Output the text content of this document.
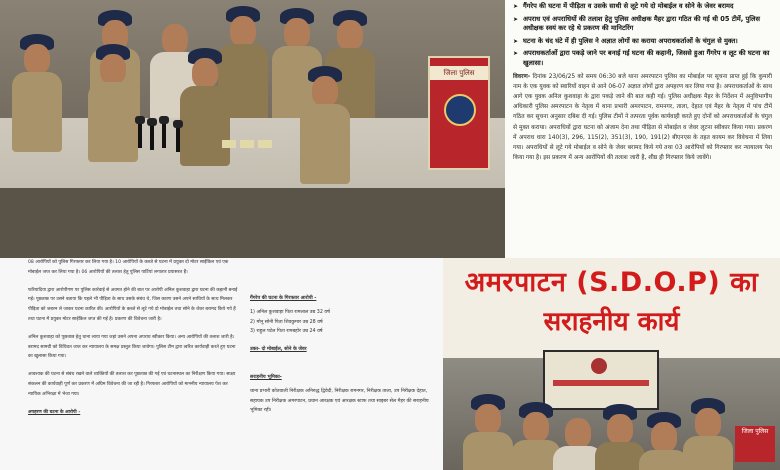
जिला पुलिस
➤ गैंगरेप की घटना में पीड़िता व उसके साथी से लूटे गये दो मोबाईल व सोने के जेवर बरामद
➤ अपराध एवं अपराधियों की तलाश हेतु पुलिस अधीक्षक मैहर द्वारा गठित की गई थी 05 टीमें, पुलिस अधीक्षक स्वयं कर रहे थे प्रकरण की मानिटरिंग
➤ घटना के चंद घंटे में ही पुलिस ने अज्ञात लोगों का कराया अपराधकर्ताओं के चंगुल से मुक्त।
➤ अपराधकर्ताओं द्वारा पकड़े जाने पर बनाई गई घटना की कहानी, जिससे हुआ गैंगरेप व लूट की घटना का खुलासा।
विवरण- दिनांक 23/06/25 को समय 06:30 बजे थाना अमरपाटन पुलिस का मोबाईल पर सूचना प्राप्त हुई कि कुमारी नाम के एक युवक को स्वारियों वाहन से आने 06-07 अज्ञात लोगों द्वारा अपहरण कर लिया गया है। अपराधकर्ताओं के साथ आगे एक युवक अनिल कुशवाहा के द्वारा पकड़े जाने की बात कही गई। पुलिस अधीक्षक मैहर के निर्देशन में अनुविभागीय अधिकारी पुलिस अमरपाटन के नेतृत्व में थाना प्रभारी अमरपाटन, रामनगर, ताला, देहात एवं मैहर के नेतृत्व में पांच टीमें गठित कर सूचना अनुसार दबिश दी गई। पुलिस टीमों ने तत्परता पूर्वक कार्यवाही करते हुए दोनों को अपराधकर्ताओं के चंगुल से मुक्त कराया। अपराधियों द्वारा घटना को अंजाम देना तथा पीड़िता से मोबाईल व जेवर लूटना स्वीकार किया गया। प्रकरण में अपराध धारा 140(3), 296, 115(2), 351(3), 190, 191(2) बीएनएस के तहत कायम कर विवेचना में लिया गया। अपराधियों से लूटे गये मोबाईल व सोने के जेवर बरामद किये गये तथा 03 आरोपियों को गिरफ्तार कर न्यायालय पेश किया गया है। इस प्रकरण में अन्य आरोपियों की तलाश जारी है, शीघ्र ही गिरफ्तार किये जावेंगे।
08 आरोपियों को पुलिस गिरफ्तार कर लिया गया है। 10 आरोपियों के कब्जे से घटना में प्रयुक्त दो मोटर साईकिल एवं एक मोबाईल जप्त कर लिया गया है। 06 आरोपियों की तलाश हेतु पुलिस पार्टियां लगातार प्रयासरत हैं।
फरियादिया द्वारा आरोपीगण पर पुलिस कार्रवाई से अवगत होने की बात पर आरोपी अनिल कुशवाहा द्वारा घटना की कहानी बनाई गई। पूछताछ पर उसने बताया कि पहले भी पीड़िता के साथ उसके संबंध थे, जिस कारण उसने अपने साथियों के साथ मिलकर पीड़िता को जबरन ले जाकर घटना कारित की। आरोपियों के कब्जे से लूटे गये दो मोबाईल तथा सोने के जेवर बरामद किये गये हैं तथा घटना में प्रयुक्त मोटर साईकिल जप्त की गई है। प्रकरण की विवेचना जारी है।
अनिल कुशवाहा को पूछताछ हेतु थाना लाया गया जहां उसने अपना अपराध स्वीकार किया। अन्य आरोपियों की तलाश जारी है। बरामद सामग्री को विधिवत जप्त कर न्यायालय के समक्ष प्रस्तुत किया जावेगा। पुलिस टीम द्वारा त्वरित कार्यवाही करते हुए घटना का खुलासा किया गया।
आवश्यक की घटना से संबंध रखने वाले व्यक्तियों की तलाश कर पूछताछ की गई एवं घटनास्थल का निरीक्षण किया गया। साक्ष्य संकलन की कार्यवाही पूर्ण कर प्रकरण में अग्रिम विवेचना की जा रही है। गिरफ्तार आरोपियों को माननीय न्यायालय पेश कर न्यायिक अभिरक्षा में भेजा गया।
अपहरण की घटना के आरोपी -
गैंगरेप की घटना के गिरफ्तार आरोपी -
1) अनिल कुशवाहा पिता रामलाल उम्र 32 वर्ष
2) मोनू सोनी पिता शिवकुमार उम्र 28 वर्ष
3) राहुल पटेल पिता रामबहोर उम्र 24 वर्ष
उक्त- दो मोबाईल, सोने के जेवर
सराहनीय भूमिका-
थाना प्रभारी कोतवाली निरीक्षक अनिरुद्ध द्विवेदी, निरीक्षक रामनगर, निरीक्षक ताला, उप निरीक्षक देहात, सहायक उप निरीक्षक अमरपाटन, प्रधान आरक्षक एवं आरक्षक स्टाफ तथा साइबर सेल मैहर की सराहनीय भूमिका रही।
अमरपाटन (S.D.O.P) का
सराहनीय कार्य
जिला पुलिस
